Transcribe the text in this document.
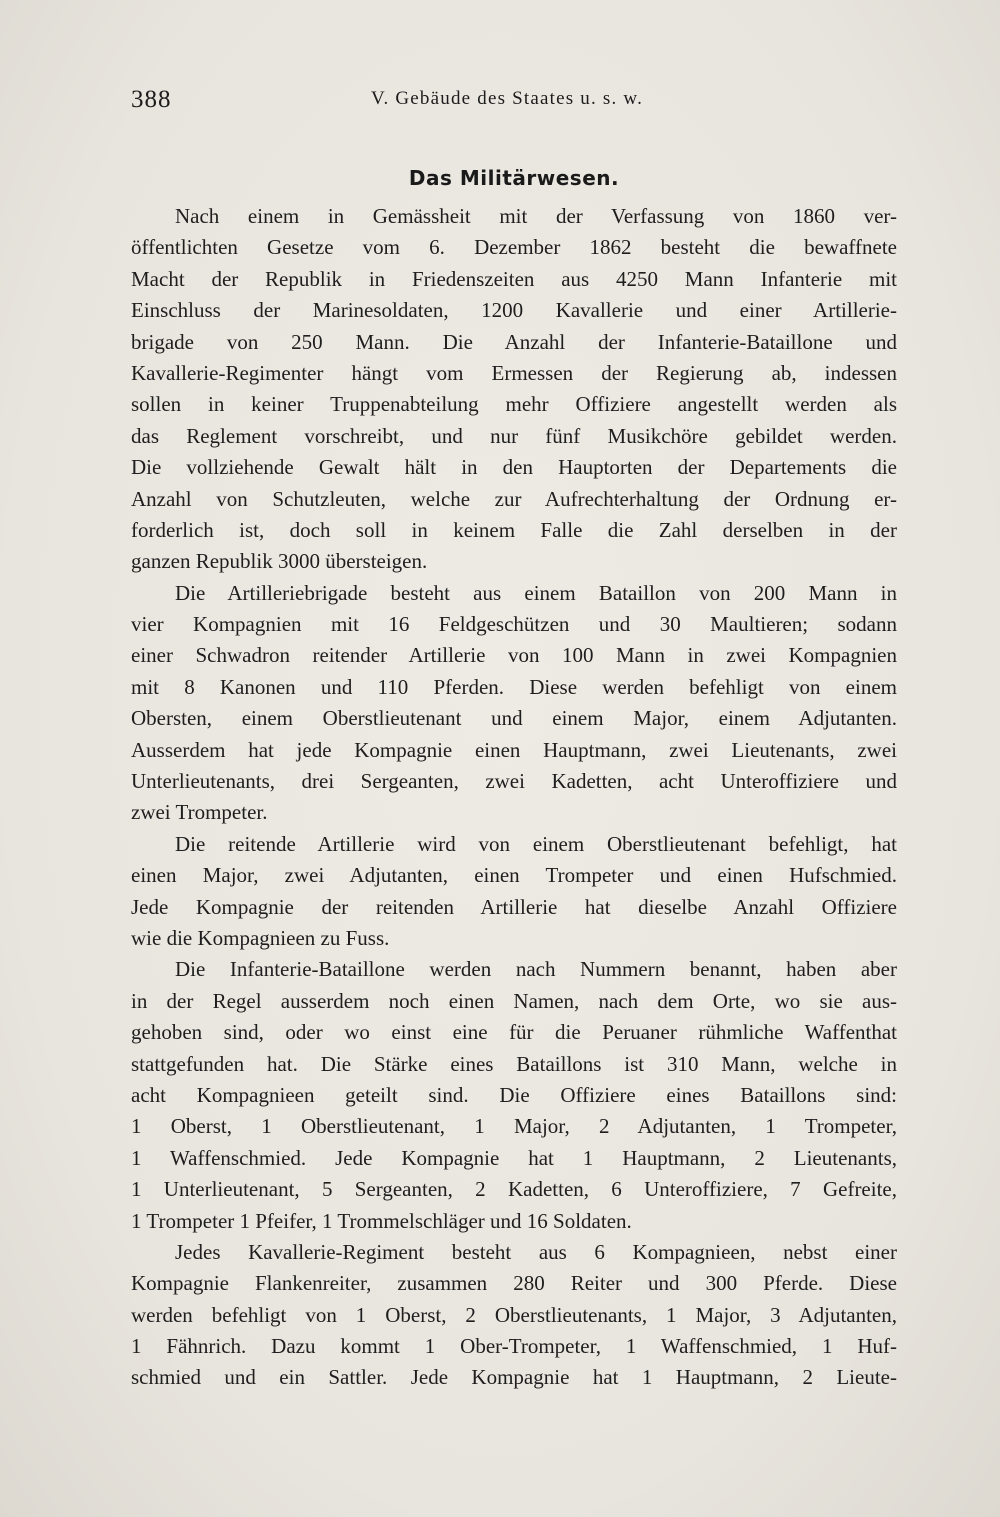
388	V. Gebäude des Staates u. s. w.
Das Militärwesen.
Nach einem in Gemässheit mit der Verfassung von 1860 ver-
öffentlichten Gesetze vom 6. Dezember 1862 besteht die bewaffnete
Macht der Republik in Friedenszeiten aus 4250 Mann Infanterie mit
Einschluss der Marinesoldaten, 1200 Kavallerie und einer Artillerie-
brigade von 250 Mann. Die Anzahl der Infanterie-Bataillone und
Kavallerie-Regimenter hängt vom Ermessen der Regierung ab, indessen
sollen in keiner Truppenabteilung mehr Offiziere angestellt werden als
das Reglement vorschreibt, und nur fünf Musikchöre gebildet werden.
Die vollziehende Gewalt hält in den Hauptorten der Departements die
Anzahl von Schutzleuten, welche zur Aufrechterhaltung der Ordnung er-
forderlich ist, doch soll in keinem Falle die Zahl derselben in der
ganzen Republik 3000 übersteigen.
Die Artilleriebrigade besteht aus einem Bataillon von 200 Mann in
vier Kompagnien mit 16 Feldgeschützen und 30 Maultieren; sodann
einer Schwadron reitender Artillerie von 100 Mann in zwei Kompagnien
mit 8 Kanonen und 110 Pferden. Diese werden befehligt von einem
Obersten, einem Oberstlieutenant und einem Major, einem Adjutanten.
Ausserdem hat jede Kompagnie einen Hauptmann, zwei Lieutenants, zwei
Unterlieutenants, drei Sergeanten, zwei Kadetten, acht Unteroffiziere und
zwei Trompeter.
Die reitende Artillerie wird von einem Oberstlieutenant befehligt, hat
einen Major, zwei Adjutanten, einen Trompeter und einen Hufschmied.
Jede Kompagnie der reitenden Artillerie hat dieselbe Anzahl Offiziere
wie die Kompagnieen zu Fuss.
Die Infanterie-Bataillone werden nach Nummern benannt, haben aber
in der Regel ausserdem noch einen Namen, nach dem Orte, wo sie aus-
gehoben sind, oder wo einst eine für die Peruaner rühmliche Waffenthat
stattgefunden hat. Die Stärke eines Bataillons ist 310 Mann, welche in
acht Kompagnieen geteilt sind. Die Offiziere eines Bataillons sind:
1 Oberst, 1 Oberstlieutenant, 1 Major, 2 Adjutanten, 1 Trompeter,
1 Waffenschmied. Jede Kompagnie hat 1 Hauptmann, 2 Lieutenants,
1 Unterlieutenant, 5 Sergeanten, 2 Kadetten, 6 Unteroffiziere, 7 Gefreite,
1 Trompeter 1 Pfeifer, 1 Trommelschläger und 16 Soldaten.
Jedes Kavallerie-Regiment besteht aus 6 Kompagnieen, nebst einer
Kompagnie Flankenreiter, zusammen 280 Reiter und 300 Pferde. Diese
werden befehligt von 1 Oberst, 2 Oberstlieutenants, 1 Major, 3 Adjutanten,
1 Fähnrich. Dazu kommt 1 Ober-Trompeter, 1 Waffenschmied, 1 Huf-
schmied und ein Sattler. Jede Kompagnie hat 1 Hauptmann, 2 Lieute-
